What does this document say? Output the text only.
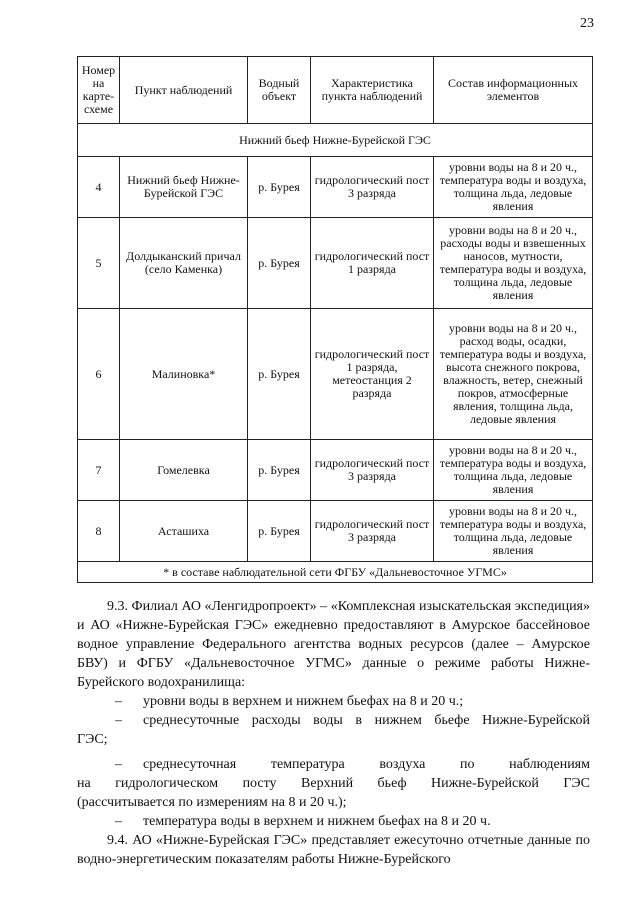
23
Номер на карте-схеме	Пункт наблюдений	Водный объект	Характеристика пункта наблюдений	Состав информационных элементов
Нижний бьеф Нижне-Бурейской ГЭС				
4	Нижний бьеф Нижне-Бурейской ГЭС	р. Бурея	гидрологический пост 3 разряда	уровни воды на 8 и 20 ч., температура воды и воздуха, толщина льда, ледовые явления
5	Долдыканский причал (село Каменка)	р. Бурея	гидрологический пост 1 разряда	уровни воды на 8 и 20 ч., расходы воды и взвешенных наносов, мутности, температура воды и воздуха, толщина льда, ледовые явления
6	Малиновка*	р. Бурея	гидрологический пост 1 разряда, метеостанция 2 разряда	уровни воды на 8 и 20 ч., расход воды, осадки, температура воды и воздуха, высота снежного покрова, влажность, ветер, снежный покров, атмосферные явления, толщина льда, ледовые явления
7	Гомелевка	р. Бурея	гидрологический пост 3 разряда	уровни воды на 8 и 20 ч., температура воды и воздуха, толщина льда, ледовые явления
8	Асташиха	р. Бурея	гидрологический пост 3 разряда	уровни воды на 8 и 20 ч., температура воды и воздуха, толщина льда, ледовые явления
* в составе наблюдательной сети ФГБУ «Дальневосточное УГМС»				

9.3. Филиал АО «Ленгидропроект» – «Комплексная изыскательская экспедиция» и АО «Нижне-Бурейская ГЭС» ежедневно предоставляют в Амурское бассейновое водное управление Федерального агентства водных ресурсов (далее – Амурское БВУ) и ФГБУ «Дальневосточное УГМС» данные о режиме работы Нижне-Бурейского водохранилища:

–	уровни воды в верхнем и нижнем бьефах на 8 и 20 ч.;

–	среднесуточные расходы воды в нижнем бьефе Нижне-Бурейской

ГЭС;

–	среднесуточная температура воздуха по наблюдениям

на гидрологическом посту Верхний бьеф Нижне-Бурейской ГЭС

(рассчитывается по измерениям на 8 и 20 ч.);

–	температура воды в верхнем и нижнем бьефах на 8 и 20 ч.

9.4. АО «Нижне-Бурейская ГЭС» представляет ежесуточно отчетные данные по водно-энергетическим показателям работы Нижне-Бурейского
